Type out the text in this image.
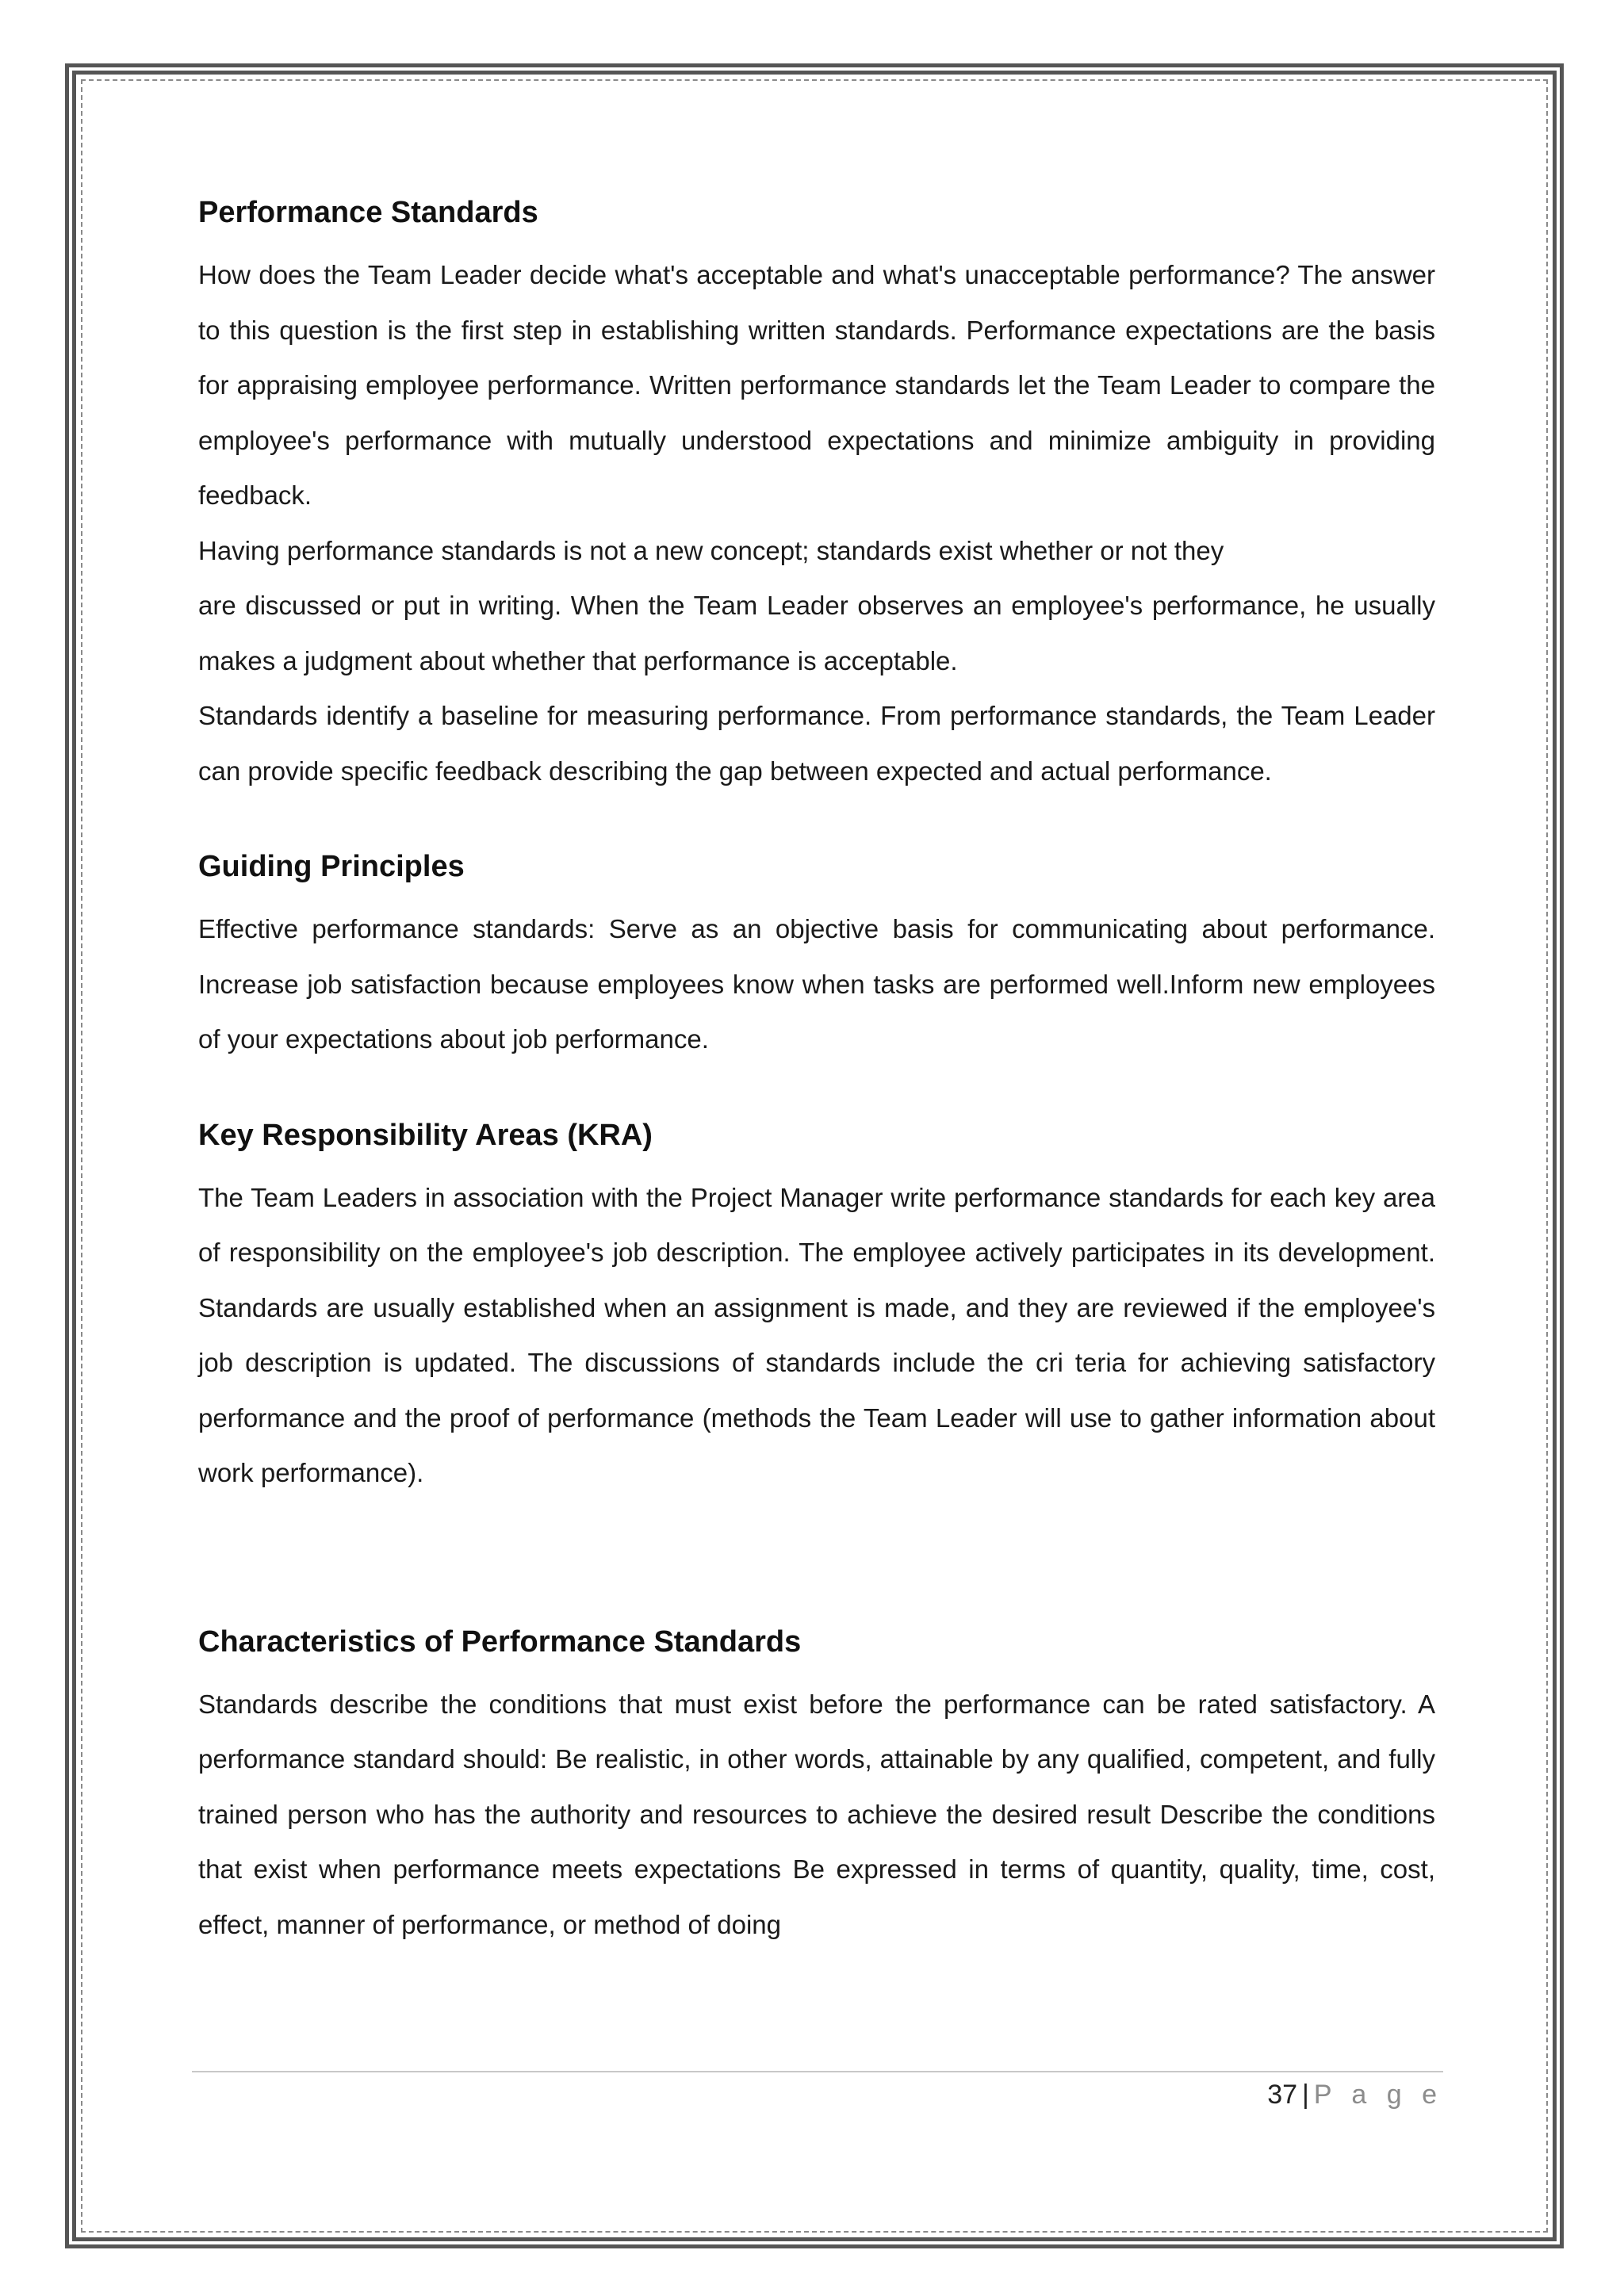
Performance Standards

How does the Team Leader decide what's acceptable and what's unacceptable performance? The answer to this question is the first step in establishing written standards. Performance expectations are the basis for appraising employee performance. Written performance standards let the Team Leader to compare the employee's performance with mutually understood expectations and minimize ambiguity in providing feedback.

Having performance standards is not a new concept; standards exist whether or not they

are discussed or put in writing. When the Team Leader observes an employee's performance, he usually makes a judgment about whether that performance is acceptable.

Standards identify a baseline for measuring performance. From performance standards, the Team Leader can provide specific feedback describing the gap between expected and actual performance.

Guiding Principles

Effective performance standards: Serve as an objective basis for communicating about performance. Increase job satisfaction because employees know when tasks are performed well.Inform new employees of your expectations about job performance.

Key Responsibility Areas (KRA)

The Team Leaders in association with the Project Manager write performance standards for each key area of responsibility on the employee's job description. The employee actively participates in its development. Standards are usually established when an assignment is made, and they are reviewed if the employee's job description is updated. The discussions of standards include the cri teria for achieving satisfactory performance and the proof of performance (methods the Team Leader will use to gather information about work performance).

Characteristics of Performance Standards

Standards describe the conditions that must exist before the performance can be rated satisfactory. A performance standard should: Be realistic, in other words, attainable by any qualified, competent, and fully trained person who has the authority and resources to achieve the desired result Describe the conditions that exist when performance meets expectations Be expressed in terms of quantity, quality, time, cost, effect, manner of performance, or method of doing

37 | P a g e
